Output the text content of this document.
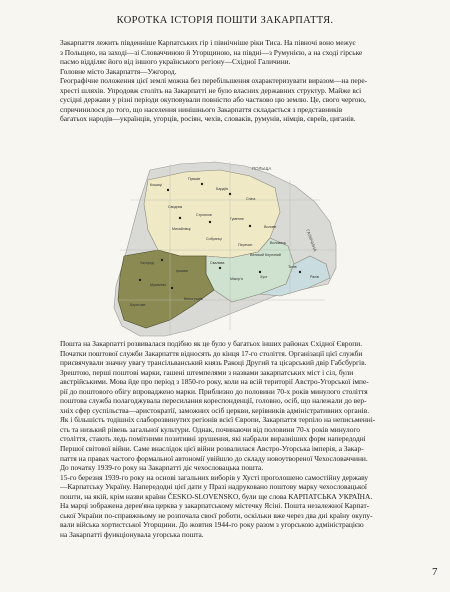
КОРОТКА ІСТОРІЯ ПОШТИ ЗАКАРПАТТЯ.
Закарпаття лежить південніше Карпатських гір і північніше ріки Тиса. На півночі воно межує
з Польщею, на заході—зі Словаччиною й Угорщиною, на півдні—з Румунією, а на сході гірське
пасмо відділяє його від іншого українського регіону—Східної Галичини.
Головне місто Закарпаття—Ужгород.
Географічне положення цієї землі можна без перебільшення охарактеризувати виразом—на пере-
хресті шляхів. Упродовж століть на Закарпатті не було власних державних структур. Майже всі
сусідні держави у різні періоди окуповували повністю або частково цю землю. Це, свого чергою,
спричинилося до того, що населення нинішнього Закарпаття складається з представників
багатьох народів—українців, угорців, росіян, чехів, словаків, румунів, німців, євреїв, циганів.
Кошиці
Пряшів
Бардіїв
Сніна
Свидник
Стропков
Гуменне
Михайлівці
Собранці
Ужгород
Мукачево
Берегове
Іршава
Свалява
Перечин
Великий Березний
Воловець
Міжгір'я	Хуст
Тячів
Рахів
Виноградів
Волове
ПОЛЬЩА
ГАЛИЧИНА
Пошта на Закарпатті розвивалася подібно як це було у багатьох інших районах Східної Європи.
Початки поштової служби Закарпаття відносять до кінця 17-го століття. Організації цієї служби
присвячували значну увагу трансільванський князь Ракоці Другий та цісарський двір Габсбургів.
Зрештою, перші поштові марки, гашені штемпелями з назвами закарпатських міст і сіл, були
австрійськими. Мова йде про період з 1850-го року, коли на всій території Австро-Угорської імпе-
рії до поштового обігу впроваджено марки. Приблизно до половини 70-х років минулого століття
поштова служба полагоджувала пересилання кореспонденції, головно, осіб, що належали до вер-
хніх сфер суспільства—аристократії, заможних осіб церкви, керівників адміністративних органів.
Як і більшість тодішніх слаборозвинутих регіонів всієї Європи, Закарпаття терпіло на неписьменні-
сть та низький рівень загальної культури. Однак, починаючи від половини 70-х років минулого
століття, стають ледь помітними позитивні зрушення, які набрали виразніших форм напередодні
Першої світової війни. Саме внаслідок цієї війни розвалилася Австро-Угорська імперія, а Закар-
паття на правах частого формальної автономії увійшло до складу новоутвореної Чехословаччини.
До початку 1939-го року на Закарпатті діє чехословацька пошта.
15-го березня 1939-го року на основі загальних виборів у Хусті проголошено самостійну державу
—Карпатську Україну. Напередодні цієї дати у Празі надруковано поштову марку чехословацької
пошти, на якій, крім назви країни ČESKO-SLOVENSKO, були ще слова КАРПАТСЬКА УКРАЇНА.
На марці зображена дерев'яна церква у закарпатському містечку Ясіні. Пошта незалежної Карпат-
ської України по-справжньому не розпочала своєї роботи, оскільки вже через два дні країну окупу-
вали війська хортистської Угорщини. До жовтня 1944-го року разом з угорською адміністрацією
на Закарпатті функціонувала угорська пошта.
7
